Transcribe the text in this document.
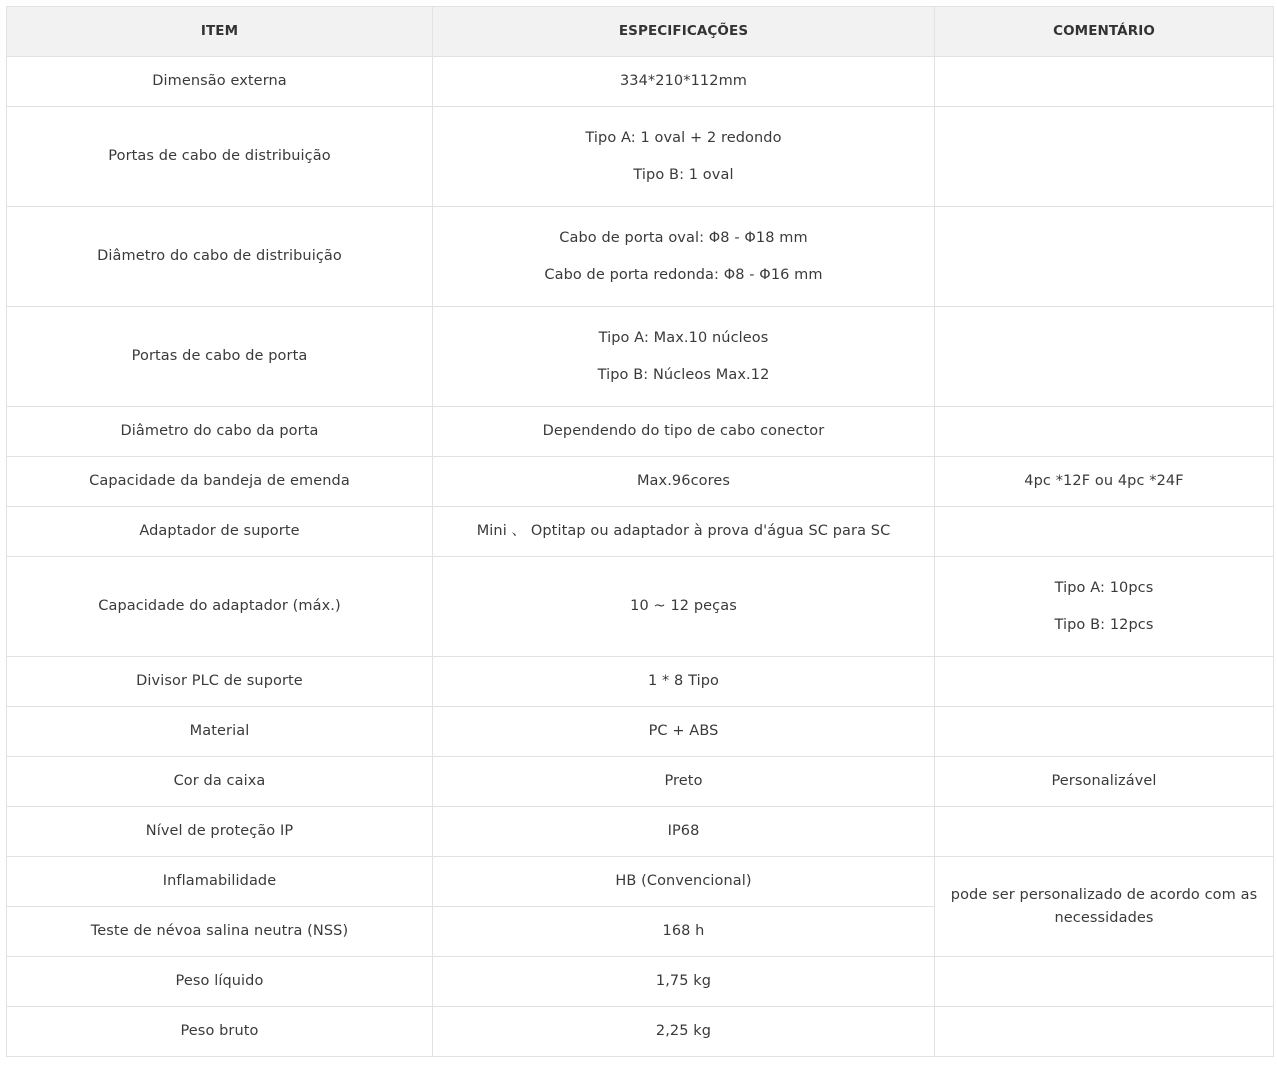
ITEM	ESPECIFICAÇÕES	COMENTÁRIO
Dimensão externa	334*210*112mm	

Portas de cabo de distribuição	Tipo A: 1 oval + 2 redondo
Tipo B: 1 oval	

Diâmetro do cabo de distribuição	Cabo de porta oval: Φ8 - Φ18 mm
Cabo de porta redonda: Φ8 - Φ16 mm	

Portas de cabo de porta	Tipo A: Max.10 núcleos
Tipo B: Núcleos Max.12	

Diâmetro do cabo da porta	Dependendo do tipo de cabo conector	

Capacidade da bandeja de emenda	Max.96cores	4pc *12F ou 4pc *24F

Adaptador de suporte	Mini 、 Optitap ou adaptador à prova d'água SC para SC	

Capacidade do adaptador (máx.)	10 ~ 12 peças	Tipo A: 10pcs
Tipo B: 12pcs

Divisor PLC de suporte	1 * 8 Tipo	

Material	PC + ABS	

Cor da caixa	Preto	Personalizável

Nível de proteção IP	IP68	

Inflamabilidade	HB (Convencional)	pode ser personalizado de acordo com as necessidades

Teste de névoa salina neutra (NSS)	168 h	

Peso líquido	1,75 kg	

Peso bruto	2,25 kg	
